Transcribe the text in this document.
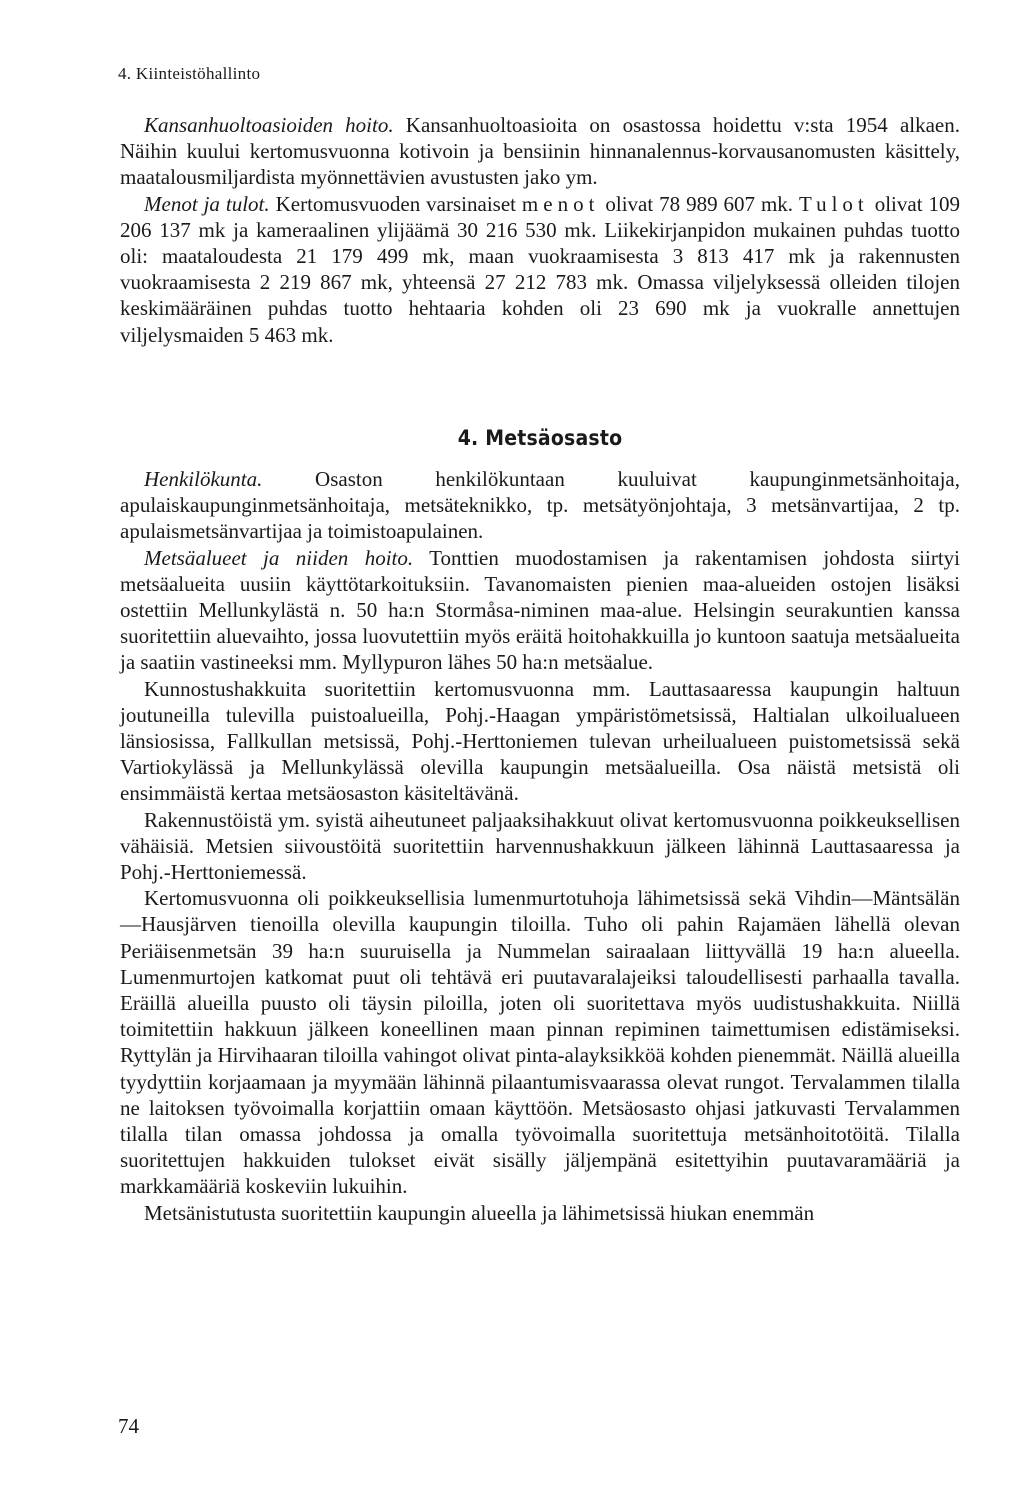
4. Kiinteistöhallinto

Kansanhuoltoasioiden hoito. Kansanhuoltoasioita on osastossa hoidettu v:sta 1954 alkaen. Näihin kuului kertomusvuonna kotivoin ja bensiinin hinnanalennus-korvausanomusten käsittely, maatalousmiljardista myönnettävien avustusten jako ym.

Menot ja tulot. Kertomusvuoden varsinaiset menot olivat 78 989 607 mk. Tulot olivat 109 206 137 mk ja kameraalinen ylijäämä 30 216 530 mk. Liikekirjanpidon mukainen puhdas tuotto oli: maataloudesta 21 179 499 mk, maan vuokraamisesta 3 813 417 mk ja rakennusten vuokraamisesta 2 219 867 mk, yhteensä 27 212 783 mk. Omassa viljelyksessä olleiden tilojen keskimääräinen puhdas tuotto hehtaaria kohden oli 23 690 mk ja vuokralle annettujen viljelysmaiden 5 463 mk.

4. Metsäosasto

Henkilökunta. Osaston henkilökuntaan kuuluivat kaupunginmetsänhoitaja, apulaiskaupunginmetsänhoitaja, metsäteknikko, tp. metsätyönjohtaja, 3 metsänvartijaa, 2 tp. apulaismetsänvartijaa ja toimistoapulainen.

Metsäalueet ja niiden hoito. Tonttien muodostamisen ja rakentamisen johdosta siirtyi metsäalueita uusiin käyttötarkoituksiin. Tavanomaisten pienien maa-alueiden ostojen lisäksi ostettiin Mellunkylästä n. 50 ha:n Stormåsa-niminen maa-alue. Helsingin seurakuntien kanssa suoritettiin aluevaihto, jossa luovutettiin myös eräitä hoitohakkuilla jo kuntoon saatuja metsäalueita ja saatiin vastineeksi mm. Myllypuron lähes 50 ha:n metsäalue.

Kunnostushakkuita suoritettiin kertomusvuonna mm. Lauttasaaressa kaupungin haltuun joutuneilla tulevilla puistoalueilla, Pohj.-Haagan ympäristömetsissä, Haltialan ulkoilualueen länsiosissa, Fallkullan metsissä, Pohj.-Herttoniemen tulevan urheilualueen puistometsissä sekä Vartiokylässä ja Mellunkylässä olevilla kaupungin metsäalueilla. Osa näistä metsistä oli ensimmäistä kertaa metsäosaston käsiteltävänä.

Rakennustöistä ym. syistä aiheutuneet paljaaksihakkuut olivat kertomusvuonna poikkeuksellisen vähäisiä. Metsien siivoustöitä suoritettiin harvennushakkuun jälkeen lähinnä Lauttasaaressa ja Pohj.-Herttoniemessä.

Kertomusvuonna oli poikkeuksellisia lumenmurtotuhoja lähimetsissä sekä Vihdin—Mäntsälän—Hausjärven tienoilla olevilla kaupungin tiloilla. Tuho oli pahin Rajamäen lähellä olevan Periäisenmetsän 39 ha:n suuruisella ja Nummelan sairaalaan liittyvällä 19 ha:n alueella. Lumenmurtojen katkomat puut oli tehtävä eri puutavaralajeiksi taloudellisesti parhaalla tavalla. Eräillä alueilla puusto oli täysin piloilla, joten oli suoritettava myös uudistushakkuita. Niillä toimitettiin hakkuun jälkeen koneellinen maan pinnan repiminen taimettumisen edistämiseksi. Ryttylän ja Hirvihaaran tiloilla vahingot olivat pinta-alayksikköä kohden pienemmät. Näillä alueilla tyydyttiin korjaamaan ja myymään lähinnä pilaantumisvaarassa olevat rungot. Tervalammen tilalla ne laitoksen työvoimalla korjattiin omaan käyttöön. Metsäosasto ohjasi jatkuvasti Tervalammen tilalla tilan omassa johdossa ja omalla työvoimalla suoritettuja metsänhoitotöitä. Tilalla suoritettujen hakkuiden tulokset eivät sisälly jäljempänä esitettyihin puutavaramääriä ja markkamääriä koskeviin lukuihin.

Metsänistutusta suoritettiin kaupungin alueella ja lähimetsissä hiukan enemmän

74
